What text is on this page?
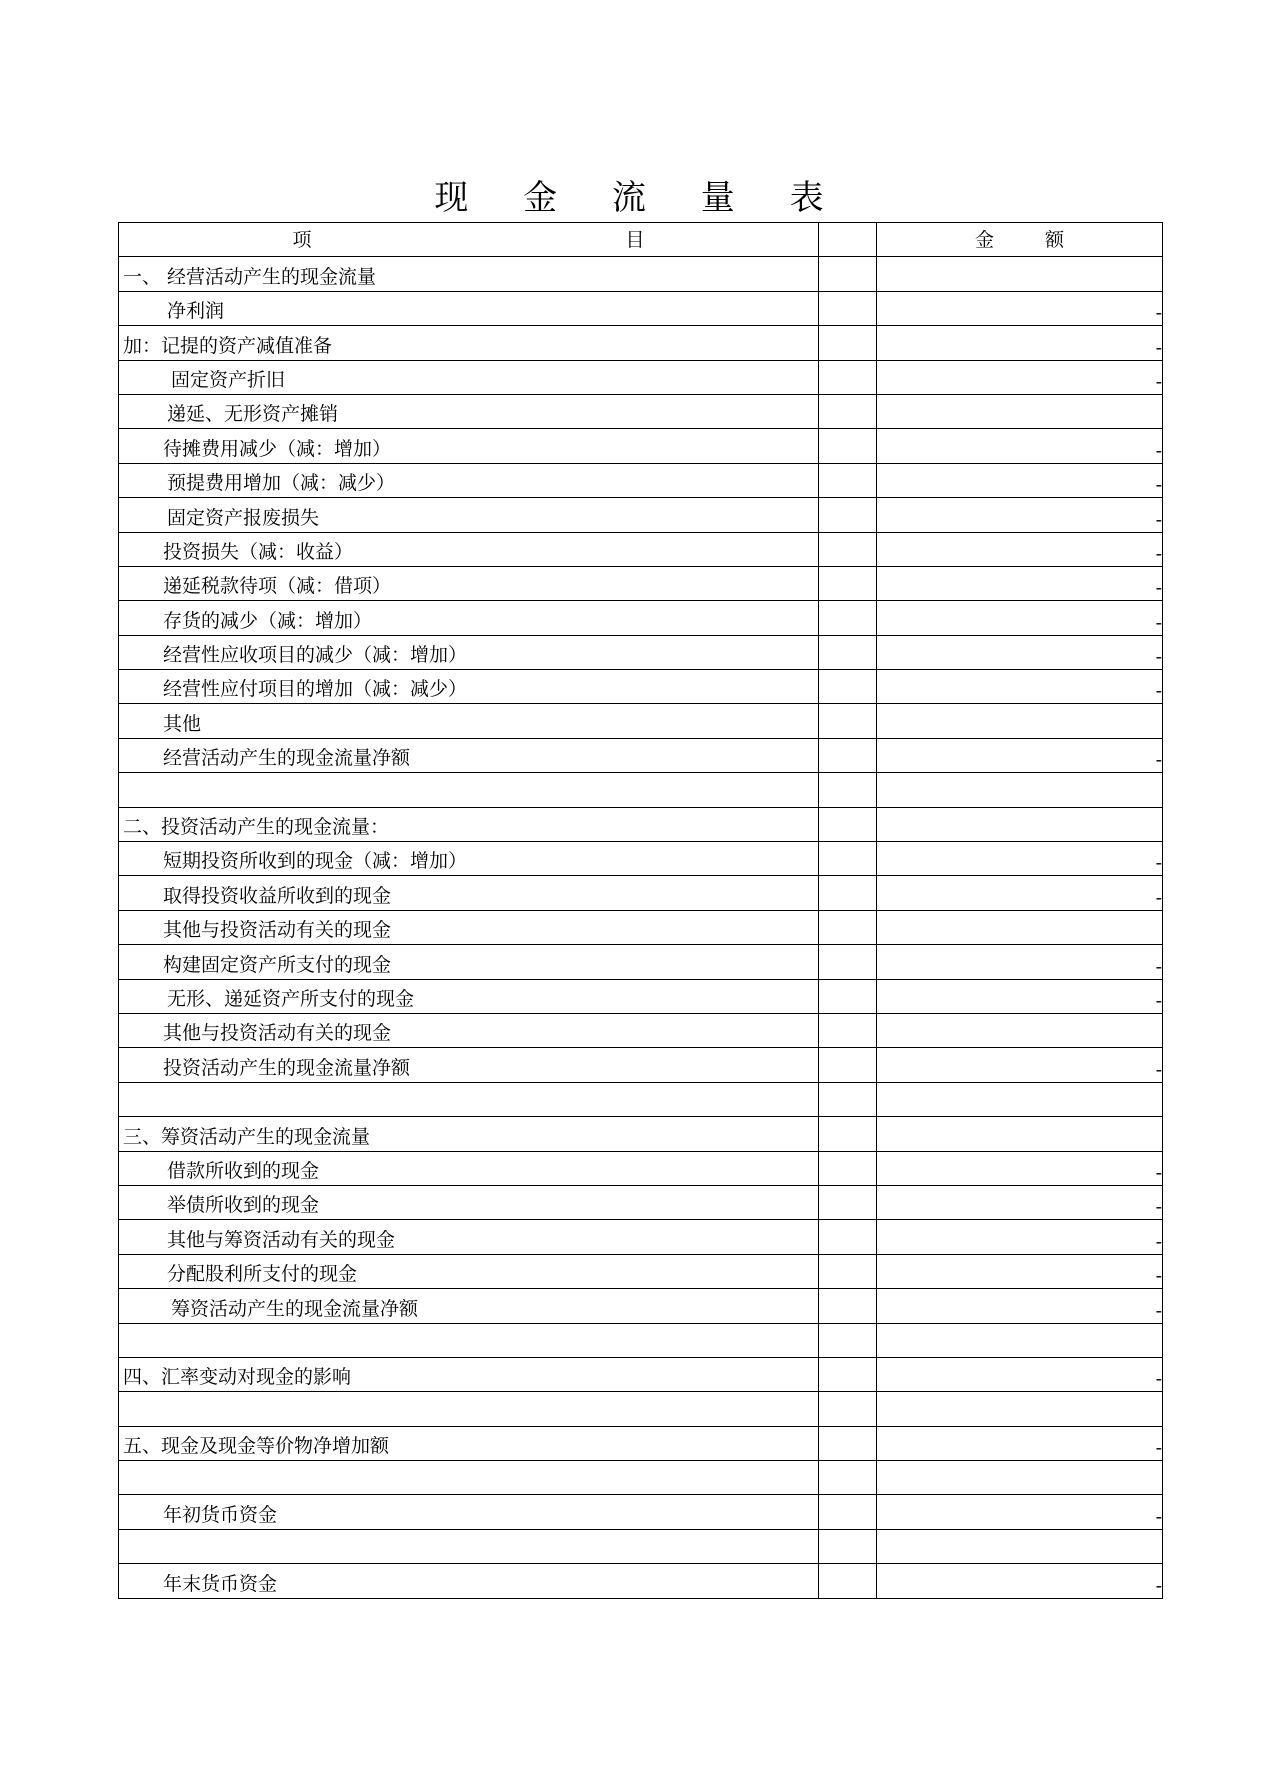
现 金 流 量 表
项 目		金 额

一、 经营活动产生的现金流量		

净利润		-

加：记提的资产减值准备		-

固定资产折旧		-

递延、无形资产摊销		

待摊费用减少（减：增加）		-

预提费用增加（减：减少）		-

固定资产报废损失		-

投资损失（减：收益）		-

递延税款待项（减：借项）		-

存货的减少（减：增加）		-

经营性应收项目的减少（减：增加）		-

经营性应付项目的增加（减：减少）		-

其他		

经营活动产生的现金流量净额		-

二、投资活动产生的现金流量：		

短期投资所收到的现金（减：增加）		-

取得投资收益所收到的现金		-

其他与投资活动有关的现金		

构建固定资产所支付的现金		-

无形、递延资产所支付的现金		-

其他与投资活动有关的现金		

投资活动产生的现金流量净额		-

三、筹资活动产生的现金流量		

借款所收到的现金		-

举债所收到的现金		-

其他与筹资活动有关的现金		-

分配股利所支付的现金		-

筹资活动产生的现金流量净额		-

四、汇率变动对现金的影响		-

五、现金及现金等价物净增加额		-

年初货币资金		-

年末货币资金		-
